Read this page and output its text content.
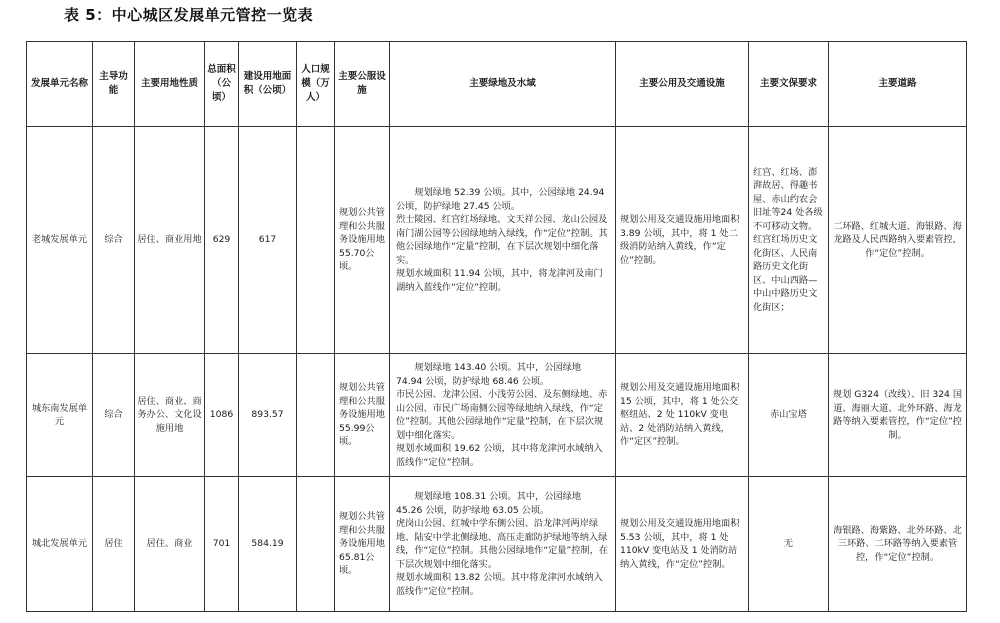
表 5：中心城区发展单元管控一览表
发展单元名称	主导功能	主要用地性质	总面积（公顷）	建设用地面积（公顷）	人口规模（万人）	主要公服设施	主要绿地及水域	主要公用及交通设施	主要文保要求	主要道路
老城发展单元	综合	居住、商业用地	629	617		规划公共管理和公共服务设施用地55.70公顷。	规划绿地 52.39 公顷。其中，公园绿地 24.94 公顷，防护绿地 27.45 公顷。
烈士陵园、红宫红场绿地、文天祥公园、龙山公园及南门湖公园等公园绿地纳入绿线，作“定位”控制。其他公园绿地作“定量”控制，在下层次规划中细化落实。
规划水域面积 11.94 公顷，其中，将龙津河及南门湖纳入蓝线作“定位”控制。	规划公用及交通设施用地面积 3.89 公顷，其中，将 1 处二级消防站纳入黄线，作“定位”控制。	红宫、红场、澎湃故居、得趣书屋、赤山约农会旧址等24 处各级不可移动文物。红宫红场历史文化街区、人民南路历史文化街区、中山西路—中山中路历史文化街区；	二环路、红城大道、海银路、海龙路及人民西路纳入要素管控，作“定位”控制。
城东南发展单元	综合	居住、商业、商务办公、文化设施用地	1086	893.57		规划公共管理和公共服务设施用地55.99公顷。	规划绿地 143.40 公顷。其中，公园绿地 74.94 公顷，防护绿地 68.46 公顷。
市民公园、龙津公园、小浅劳公园、及东侧绿地、赤山公园、市民广场南侧公园等绿地纳入绿线，作“定位”控制。其他公园绿地作“定量”控制，在下层次规划中细化落实。
规划水域面积 19.62 公顷，其中将龙津河水域纳入蓝线作“定位”控制。	规划公用及交通设施用地面积 15 公顷，其中，将 1 处公交枢纽站、2 处 110kV 变电站、2 处消防站纳入黄线，作“定区”控制。	赤山宝塔	规划 G324（改线）、旧 324 国道、海丽大道、北外环路、海龙路等纳入要素管控，作“定位”控制。
城北发展单元	居住	居住、商业	701	584.19		规划公共管理和公共服务设施用地65.81公顷。	规划绿地 108.31 公顷。其中，公园绿地 45.26 公顷，防护绿地 63.05 公顷。
虎岗山公园、红城中学东侧公园、沿龙津河两岸绿地、陆安中学北侧绿地、高压走廊防护绿地等纳入绿线，作“定位”控制。其他公园绿地作“定量”控制，在下层次规划中细化落实。
规划水域面积 13.82 公顷。其中将龙津河水域纳入蓝线作“定位”控制。	规划公用及交通设施用地面积 5.53 公顷，其中，将 1 处 110kV 变电站及 1 处消防站纳入黄线，作“定位”控制。	无	海银路、海紫路、北外环路、北三环路、二环路等纳入要素管控，作“定位”控制。
